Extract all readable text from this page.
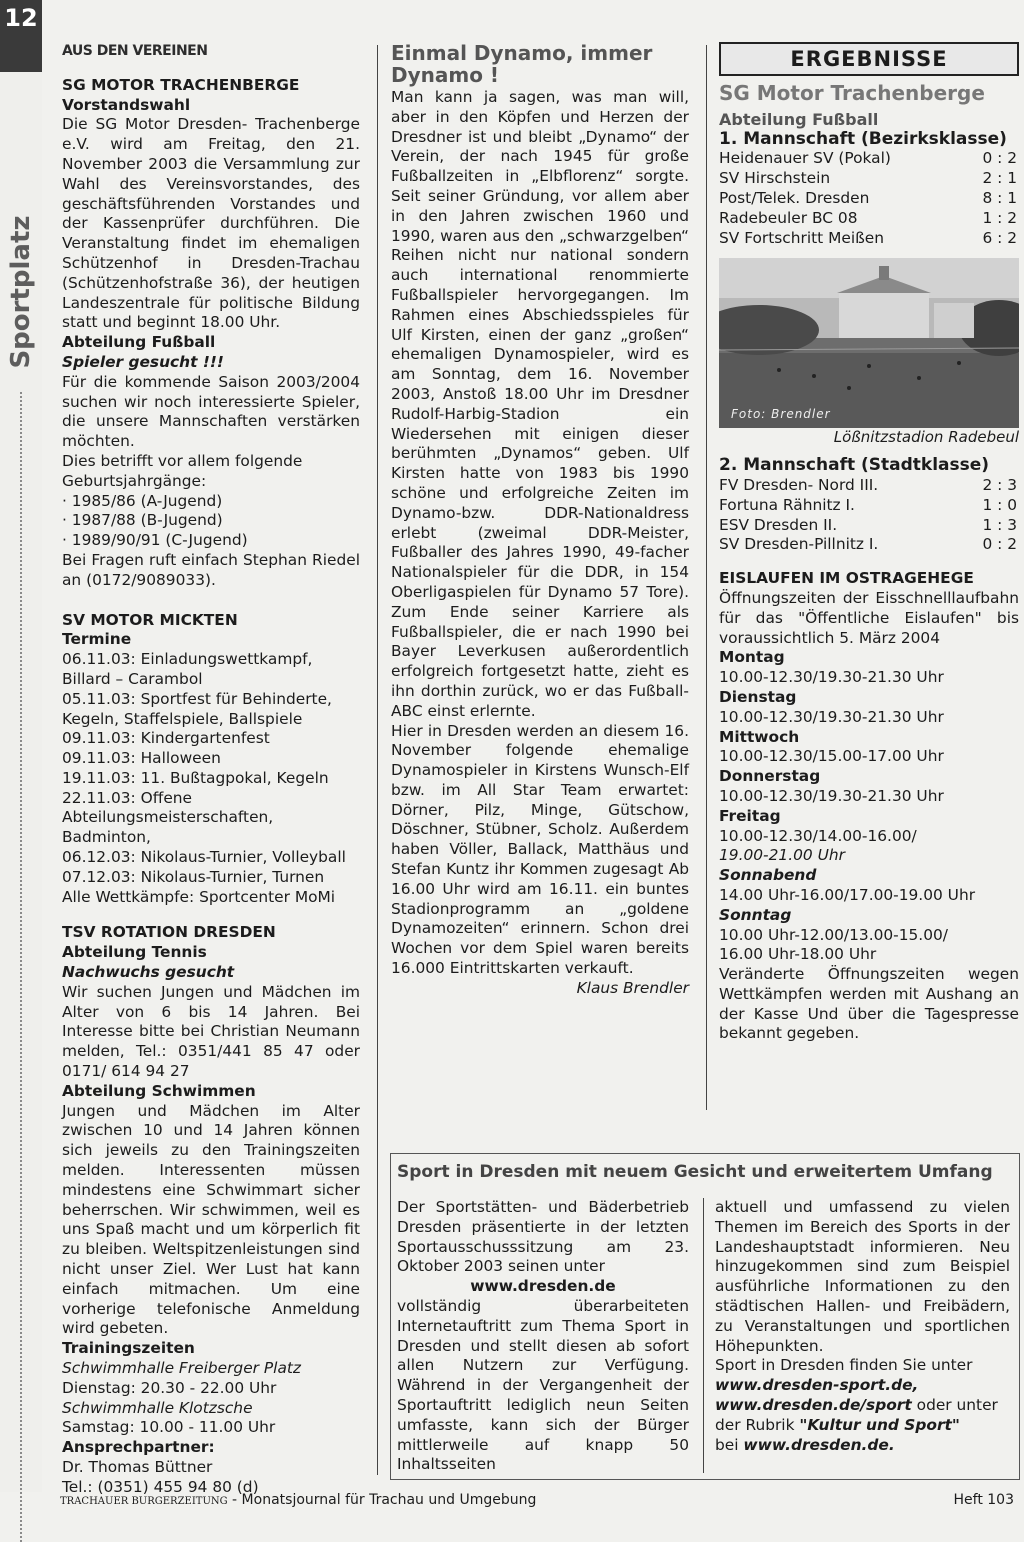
12
Sportplatz
AUS DEN VEREINEN
SG MOTOR TRACHENBERGE
Vorstandswahl
Die SG Motor Dresden- Trachenberge e.V. wird am Freitag, den 21. November 2003 die Versammlung zur Wahl des Vereinsvorstandes, des geschäftsführenden Vorstandes und der Kassenprüfer durchführen. Die Veranstaltung findet im ehemaligen Schützenhof in Dresden-Trachau (Schützenhofstraße 36), der heutigen Landeszentrale für politische Bildung statt und beginnt 18.00 Uhr.
Abteilung Fußball
Spieler gesucht !!!
Für die kommende Saison 2003/2004 suchen wir noch interessierte Spieler, die unsere Mannschaften verstärken möchten.
Dies betrifft vor allem folgende Geburtsjahrgänge:
· 1985/86 (A-Jugend)
· 1987/88 (B-Jugend)
· 1989/90/91 (C-Jugend)
Bei Fragen ruft einfach Stephan Riedel an (0172/9089033).
SV MOTOR MICKTEN
Termine
06.11.03: Einladungswettkampf, Billard – Carambol
05.11.03: Sportfest für Behinderte, Kegeln, Staffelspiele, Ballspiele
09.11.03: Kindergartenfest
09.11.03: Halloween
19.11.03: 11. Bußtagpokal, Kegeln
22.11.03: Offene Abteilungsmeisterschaften, Badminton,
06.12.03: Nikolaus-Turnier, Volleyball
07.12.03: Nikolaus-Turnier, Turnen
Alle Wettkämpfe: Sportcenter MoMi
TSV ROTATION DRESDEN
Abteilung Tennis
Nachwuchs gesucht
Wir suchen Jungen und Mädchen im Alter von 6 bis 14 Jahren. Bei Interesse bitte bei Christian Neumann melden, Tel.: 0351/441 85 47 oder 0171/ 614 94 27
Abteilung Schwimmen
Jungen und Mädchen im Alter zwischen 10 und 14 Jahren können sich jeweils zu den Trainingszeiten melden. Interessenten müssen mindestens eine Schwimmart sicher beherrschen. Wir schwimmen, weil es uns Spaß macht und um körperlich fit zu bleiben. Weltspitzenleistungen sind nicht unser Ziel. Wer Lust hat kann einfach mitmachen. Um eine vorherige telefonische Anmeldung wird gebeten.
Trainingszeiten
Schwimmhalle Freiberger Platz
Dienstag: 20.30 - 22.00 Uhr
Schwimmhalle Klotzsche
Samstag: 10.00 - 11.00 Uhr
Ansprechpartner:
Dr. Thomas Büttner
Tel.: (0351) 455 94 80 (d)
Einmal Dynamo, immer Dynamo !
Man kann ja sagen, was man will, aber in den Köpfen und Herzen der Dresdner ist und bleibt „Dynamo“ der Verein, der nach 1945 für große Fußballzeiten in „Elbflorenz“ sorgte. Seit seiner Gründung, vor allem aber in den Jahren zwischen 1960 und 1990, waren aus den „schwarzgelben“ Reihen nicht nur national sondern auch international renommierte Fußballspieler hervorgegangen. Im Rahmen eines Abschiedsspieles für Ulf Kirsten, einen der ganz „großen“ ehemaligen Dynamospieler, wird es am Sonntag, dem 16. November 2003, Anstoß 18.00 Uhr im Dresdner Rudolf-Harbig-Stadion ein Wiedersehen mit einigen dieser berühmten „Dynamos“ geben. Ulf Kirsten hatte von 1983 bis 1990 schöne und erfolgreiche Zeiten im Dynamo-bzw. DDR-Nationaldress erlebt (zweimal DDR-Meister, Fußballer des Jahres 1990, 49-facher Nationalspieler für die DDR, in 154 Oberligaspielen für Dynamo 57 Tore). Zum Ende seiner Karriere als Fußballspieler, die er nach 1990 bei Bayer Leverkusen außerordentlich erfolgreich fortgesetzt hatte, zieht es ihn dorthin zurück, wo er das Fußball-ABC einst erlernte.
Hier in Dresden werden an diesem 16. November folgende ehemalige Dynamospieler in Kirstens Wunsch-Elf bzw. im All Star Team erwartet: Dörner, Pilz, Minge, Gütschow, Döschner, Stübner, Scholz. Außerdem haben Völler, Ballack, Matthäus und Stefan Kuntz ihr Kommen zugesagt Ab 16.00 Uhr wird am 16.11. ein buntes Stadionprogramm an „goldene Dynamozeiten“ erinnern. Schon drei Wochen vor dem Spiel waren bereits 16.000 Eintrittskarten verkauft.
Klaus Brendler
ERGEBNISSE
SG Motor Trachenberge
Abteilung Fußball
1. Mannschaft (Bezirksklasse)
Heidenauer SV (Pokal)	0 : 2
SV Hirschstein	2 : 1
Post/Telek. Dresden	8 : 1
Radebeuler BC 08	1 : 2
SV Fortschritt Meißen	6 : 2
Foto: Brendler
Lößnitzstadion Radebeul
2. Mannschaft (Stadtklasse)
FV Dresden- Nord III.	2 : 3
Fortuna Rähnitz I.	1 : 0
ESV Dresden II.	1 : 3
SV Dresden-Pillnitz I.	0 : 2
EISLAUFEN IM OSTRAGEHEGE
Öffnungszeiten der Eisschnelllaufbahn für das "Öffentliche Eislaufen" bis voraussichtlich 5. März 2004
Montag
10.00-12.30/19.30-21.30 Uhr
Dienstag
10.00-12.30/19.30-21.30 Uhr
Mittwoch
10.00-12.30/15.00-17.00 Uhr
Donnerstag
10.00-12.30/19.30-21.30 Uhr
Freitag
10.00-12.30/14.00-16.00/
19.00-21.00 Uhr
Sonnabend
14.00 Uhr-16.00/17.00-19.00 Uhr
Sonntag
10.00 Uhr-12.00/13.00-15.00/
16.00 Uhr-18.00 Uhr
Veränderte Öffnungszeiten wegen Wettkämpfen werden mit Aushang an der Kasse Und über die Tagespresse bekannt gegeben.
Sport in Dresden mit neuem Gesicht und erweitertem Umfang
Der Sportstätten- und Bäderbetrieb Dresden präsentierte in der letzten Sportausschusssitzung am 23. Oktober 2003 seinen unter
www.dresden.de
vollständig überarbeiteten Internetauftritt zum Thema Sport in Dresden und stellt diesen ab sofort allen Nutzern zur Verfügung. Während in der Vergangenheit der Sportauftritt lediglich neun Seiten umfasste, kann sich der Bürger mittlerweile auf knapp 50 Inhaltsseiten
aktuell und umfassend zu vielen Themen im Bereich des Sports in der Landeshauptstadt informieren. Neu hinzugekommen sind zum Beispiel ausführliche Informationen zu den städtischen Hallen- und Freibädern, zu Veranstaltungen und sportlichen Höhepunkten.
Sport in Dresden finden Sie unter
www.dresden-sport.de,
www.dresden.de/sport oder unter der Rubrik "Kultur und Sport"
bei www.dresden.de.
TRACHAUER BURGERZEITUNG - Monatsjournal für Trachau und Umgebung	Heft 103
